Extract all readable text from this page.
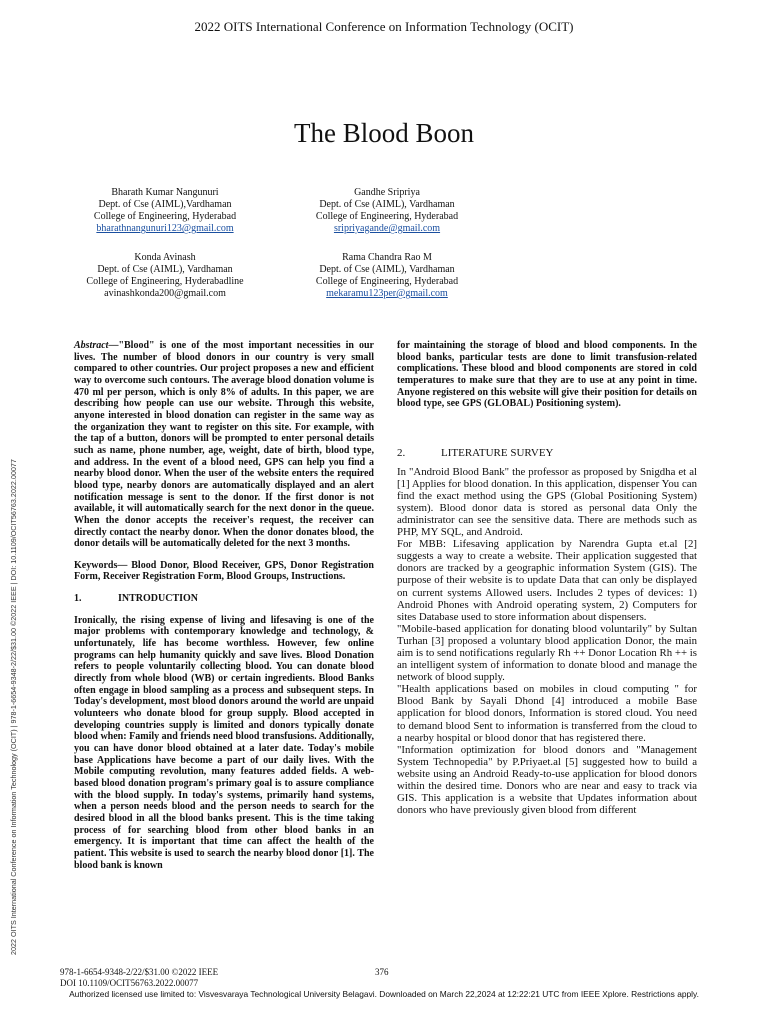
2022 OITS International Conference on Information Technology (OCIT)
The Blood Boon
Bharath Kumar Nangunuri
Dept. of Cse (AIML),Vardhaman
College of Engineering, Hyderabad
bharathnangunuri123@gmail.com
Gandhe Sripriya
Dept. of Cse (AIML), Vardhaman
College of Engineering, Hyderabad
sripriyagande@gmail.com
Konda Avinash
Dept. of Cse (AIML), Vardhaman
College of Engineering, Hyderabadline
avinashkonda200@gmail.com
Rama Chandra Rao M
Dept. of Cse (AIML), Vardhaman
College of Engineering, Hyderabad
mekaramu123per@gmail.com
2022 OITS International Conference on Information Technology (OCIT) | 978-1-6654-9348-2/22/$31.00 ©2022 IEEE | DOI: 10.1109/OCIT56763.2022.00077

Abstract—"Blood" is one of the most important necessities in our lives. The number of blood donors in our country is very small compared to other countries. Our project proposes a new and efficient way to overcome such contours. The average blood donation volume is 470 ml per person, which is only 8% of adults. In this paper, we are describing how people can use our website. Through this website, anyone interested in blood donation can register in the same way as the organization they want to register on this site. For example, with the tap of a button, donors will be prompted to enter personal details such as name, phone number, age, weight, date of birth, blood type, and address. In the event of a blood need, GPS can help you find a nearby blood donor. When the user of the website enters the required blood type, nearby donors are automatically displayed and an alert notification message is sent to the donor. If the first donor is not available, it will automatically search for the next donor in the queue. When the donor accepts the receiver's request, the receiver can directly contact the nearby donor. When the donor donates blood, the donor details will be automatically deleted for the next 3 months.

Keywords— Blood Donor, Blood Receiver, GPS, Donor Registration Form, Receiver Registration Form, Blood Groups, Instructions.

1.	INTRODUCTION

Ironically, the rising expense of living and lifesaving is one of the major problems with contemporary knowledge and technology, & unfortunately, life has become worthless. However, few online programs can help humanity quickly and save lives. Blood Donation refers to people voluntarily collecting blood. You can donate blood directly from whole blood (WB) or certain ingredients. Blood Banks often engage in blood sampling as a process and subsequent steps. In Today's development, most blood donors around the world are unpaid volunteers who donate blood for group supply. Blood accepted in developing countries supply is limited and donors typically donate blood when: Family and friends need blood transfusions. Additionally, you can have donor blood obtained at a later date. Today's mobile base Applications have become a part of our daily lives. With the Mobile computing revolution, many features added fields. A web-based blood donation program's primary goal is to assure compliance with the blood supply. In today's systems, primarily hand systems, when a person needs blood and the person needs to search for the desired blood in all the blood banks present. This is the time taking process of for searching blood from other blood banks in an emergency. It is important that time can affect the health of the patient. This website is used to search the nearby blood donor [1]. The blood bank is known

for maintaining the storage of blood and blood components. In the blood banks, particular tests are done to limit transfusion-related complications. These blood and blood components are stored in cold temperatures to make sure that they are to use at any point in time. Anyone registered on this website will give their position for details on blood type, see GPS (GLOBAL) Positioning system).

2.	LITERATURE SURVEY

In "Android Blood Bank" the professor as proposed by Snigdha et al [1] Applies for blood donation. In this application, dispenser You can find the exact method using the GPS (Global Positioning System) system). Blood donor data is stored as personal data Only the administrator can see the sensitive data. There are methods such as PHP, MY SQL, and Android.

For MBB: Lifesaving application by Narendra Gupta et.al [2] suggests a way to create a website. Their application suggested that donors are tracked by a geographic information System (GIS). The purpose of their website is to update Data that can only be displayed on current systems Allowed users. Includes 2 types of devices: 1) Android Phones with Android operating system, 2) Computers for sites Database used to store information about dispensers.

"Mobile-based application for donating blood voluntarily" by Sultan Turhan [3] proposed a voluntary blood application Donor, the main aim is to send notifications regularly Rh ++ Donor Location Rh ++ is an intelligent system of information to donate blood and manage the network of blood supply.

"Health applications based on mobiles in cloud computing " for Blood Bank by Sayali Dhond [4] introduced a mobile Base application for blood donors, Information is stored cloud. You need to demand blood Sent to information is transferred from the cloud to a nearby hospital or blood donor that has registered there.

"Information optimization for blood donors and "Management System Technopedia" by P.Priyaet.al [5] suggested how to build a website using an Android Ready-to-use application for blood donors within the desired time. Donors who are near and easy to track via GIS. This application is a website that Updates information about donors who have previously given blood from different

978-1-6654-9348-2/22/$31.00 ©2022 IEEE
DOI 10.1109/OCIT56763.2022.00077
376
Authorized licensed use limited to: Visvesvaraya Technological University Belagavi. Downloaded on March 22,2024 at 12:22:21 UTC from IEEE Xplore. Restrictions apply.
